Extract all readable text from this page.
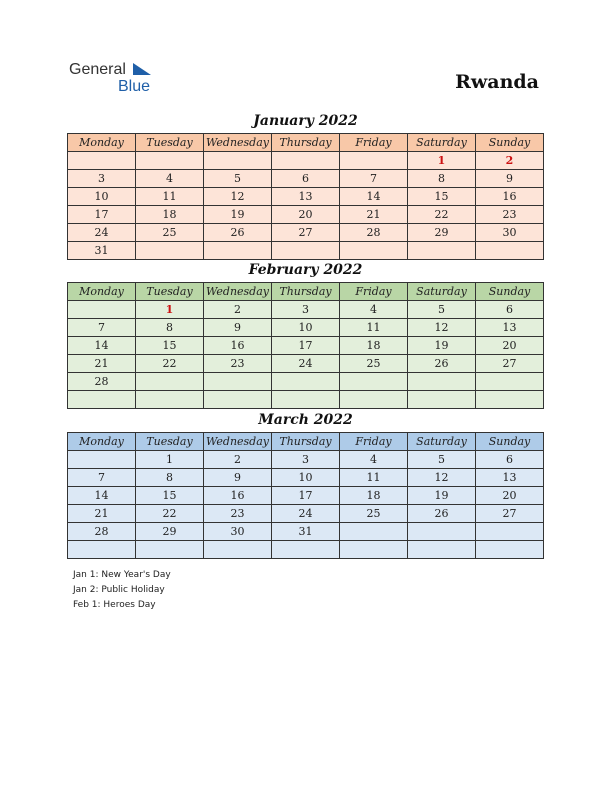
General
Blue	Rwanda
January 2022
Monday	Tuesday	Wednesday	Thursday	Friday	Saturday	Sunday
					1	2
3	4	5	6	7	8	9
10	11	12	13	14	15	16
17	18	19	20	21	22	23
24	25	26	27	28	29	30
31						
February 2022
Monday	Tuesday	Wednesday	Thursday	Friday	Saturday	Sunday
	1	2	3	4	5	6
7	8	9	10	11	12	13
14	15	16	17	18	19	20
21	22	23	24	25	26	27
28						

March 2022
Monday	Tuesday	Wednesday	Thursday	Friday	Saturday	Sunday
	1	2	3	4	5	6
7	8	9	10	11	12	13
14	15	16	17	18	19	20
21	22	23	24	25	26	27
28	29	30	31			

Jan 1: New Year's Day
Jan 2: Public Holiday
Feb 1: Heroes Day
